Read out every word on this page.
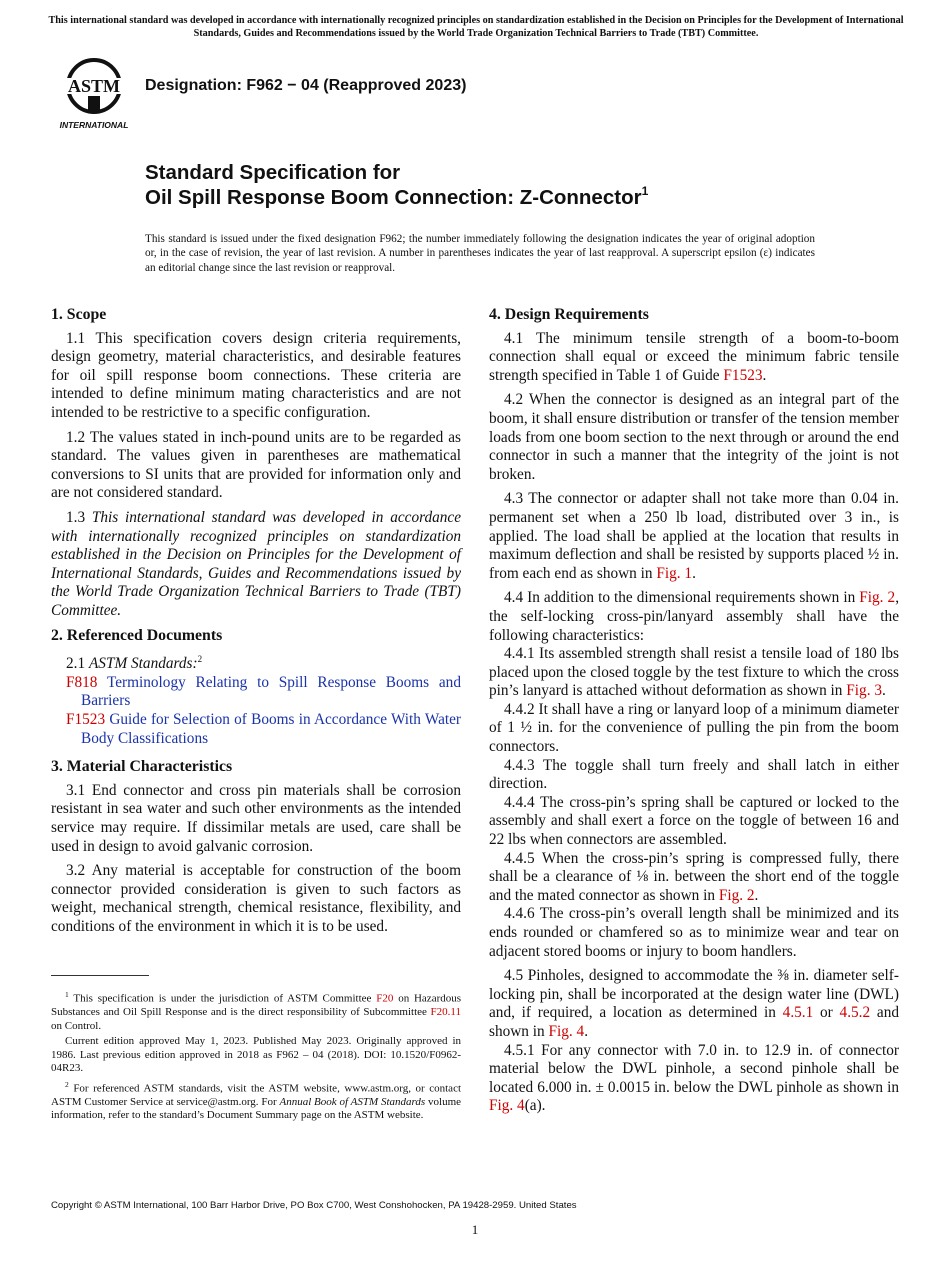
This international standard was developed in accordance with internationally recognized principles on standardization established in the Decision on Principles for the Development of International Standards, Guides and Recommendations issued by the World Trade Organization Technical Barriers to Trade (TBT) Committee.
ASTM
INTERNATIONAL
Designation: F962 − 04 (Reapproved 2023)
Standard Specification for
Oil Spill Response Boom Connection: Z-Connector$^1$
This standard is issued under the fixed designation F962; the number immediately following the designation indicates the year of original adoption or, in the case of revision, the year of last revision. A number in parentheses indicates the year of last reapproval. A superscript epsilon (ε) indicates an editorial change since the last revision or reapproval.
1. Scope

1.1 This specification covers design criteria requirements, design geometry, material characteristics, and desirable features for oil spill response boom connections. These criteria are intended to define minimum mating characteristics and are not intended to be restrictive to a specific configuration.

1.2 The values stated in inch-pound units are to be regarded as standard. The values given in parentheses are mathematical conversions to SI units that are provided for information only and are not considered standard.

1.3 This international standard was developed in accordance with internationally recognized principles on standardization established in the Decision on Principles for the Development of International Standards, Guides and Recommendations issued by the World Trade Organization Technical Barriers to Trade (TBT) Committee.

2. Referenced Documents

2.1 ASTM Standards:$^2$

F818 Terminology Relating to Spill Response Booms and Barriers
F1523 Guide for Selection of Booms in Accordance With Water Body Classifications
3. Material Characteristics

3.1 End connector and cross pin materials shall be corrosion resistant in sea water and such other environments as the intended service may require. If dissimilar metals are used, care shall be used in design to avoid galvanic corrosion.

3.2 Any material is acceptable for construction of the boom connector provided consideration is given to such factors as weight, mechanical strength, chemical resistance, flexibility, and conditions of the environment in which it is to be used.

$^1$ This specification is under the jurisdiction of ASTM Committee F20 on Hazardous Substances and Oil Spill Response and is the direct responsibility of Subcommittee F20.11 on Control.

Current edition approved May 1, 2023. Published May 2023. Originally approved in 1986. Last previous edition approved in 2018 as F962 – 04 (2018). DOI: 10.1520/F0962-04R23.

$^2$ For referenced ASTM standards, visit the ASTM website, www.astm.org, or contact ASTM Customer Service at service@astm.org. For Annual Book of ASTM Standards volume information, refer to the standard’s Document Summary page on the ASTM website.

4. Design Requirements

4.1 The minimum tensile strength of a boom-to-boom connection shall equal or exceed the minimum fabric tensile strength specified in Table 1 of Guide F1523.

4.2 When the connector is designed as an integral part of the boom, it shall ensure distribution or transfer of the tension member loads from one boom section to the next through or around the end connector in such a manner that the integrity of the joint is not broken.

4.3 The connector or adapter shall not take more than 0.04 in. permanent set when a 250 lb load, distributed over 3 in., is applied. The load shall be applied at the location that results in maximum deflection and shall be resisted by supports placed ½ in. from each end as shown in Fig. 1.

4.4 In addition to the dimensional requirements shown in Fig. 2, the self-locking cross-pin/lanyard assembly shall have the following characteristics:

4.4.1 Its assembled strength shall resist a tensile load of 180 lbs placed upon the closed toggle by the test fixture to which the cross pin’s lanyard is attached without deformation as shown in Fig. 3.

4.4.2 It shall have a ring or lanyard loop of a minimum diameter of 1 ½ in. for the convenience of pulling the pin from the boom connectors.

4.4.3 The toggle shall turn freely and shall latch in either direction.

4.4.4 The cross-pin’s spring shall be captured or locked to the assembly and shall exert a force on the toggle of between 16 and 22 lbs when connectors are assembled.

4.4.5 When the cross-pin’s spring is compressed fully, there shall be a clearance of ⅛ in. between the short end of the toggle and the mated connector as shown in Fig. 2.

4.4.6 The cross-pin’s overall length shall be minimized and its ends rounded or chamfered so as to minimize wear and tear on adjacent stored booms or injury to boom handlers.

4.5 Pinholes, designed to accommodate the ⅜ in. diameter self-locking pin, shall be incorporated at the design water line (DWL) and, if required, a location as determined in 4.5.1 or 4.5.2 and shown in Fig. 4.

4.5.1 For any connector with 7.0 in. to 12.9 in. of connector material below the DWL pinhole, a second pinhole shall be located 6.000 in. ± 0.0015 in. below the DWL pinhole as shown in Fig. 4(a).

Copyright © ASTM International, 100 Barr Harbor Drive, PO Box C700, West Conshohocken, PA 19428-2959. United States
1
